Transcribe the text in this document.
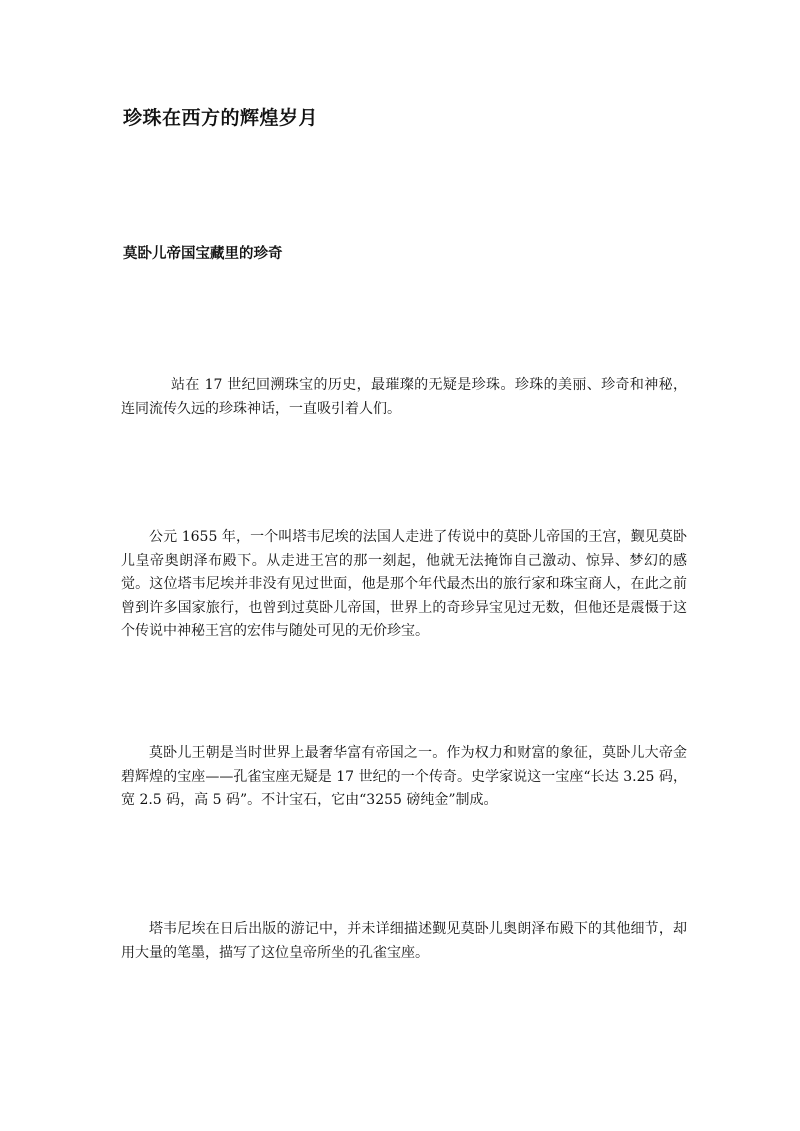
珍珠在西方的辉煌岁月
莫卧儿帝国宝藏里的珍奇

站在 17 世纪回溯珠宝的历史，最璀璨的无疑是珍珠。珍珠的美丽、珍奇和神秘，连同流传久远的珍珠神话，一直吸引着人们。

公元 1655 年，一个叫塔韦尼埃的法国人走进了传说中的莫卧儿帝国的王宫，觐见莫卧儿皇帝奥朗泽布殿下。从走进王宫的那一刻起，他就无法掩饰自己激动、惊异、梦幻的感觉。这位塔韦尼埃并非没有见过世面，他是那个年代最杰出的旅行家和珠宝商人，在此之前曾到许多国家旅行，也曾到过莫卧儿帝国，世界上的奇珍异宝见过无数，但他还是震慑于这个传说中神秘王宫的宏伟与随处可见的无价珍宝。

莫卧儿王朝是当时世界上最奢华富有帝国之一。作为权力和财富的象征，莫卧儿大帝金碧辉煌的宝座——孔雀宝座无疑是 17 世纪的一个传奇。史学家说这一宝座“长达 3.25 码，宽 2.5 码，高 5 码”。不计宝石，它由“3255 磅纯金”制成。

塔韦尼埃在日后出版的游记中，并未详细描述觐见莫卧儿奥朗泽布殿下的其他细节，却用大量的笔墨，描写了这位皇帝所坐的孔雀宝座。
